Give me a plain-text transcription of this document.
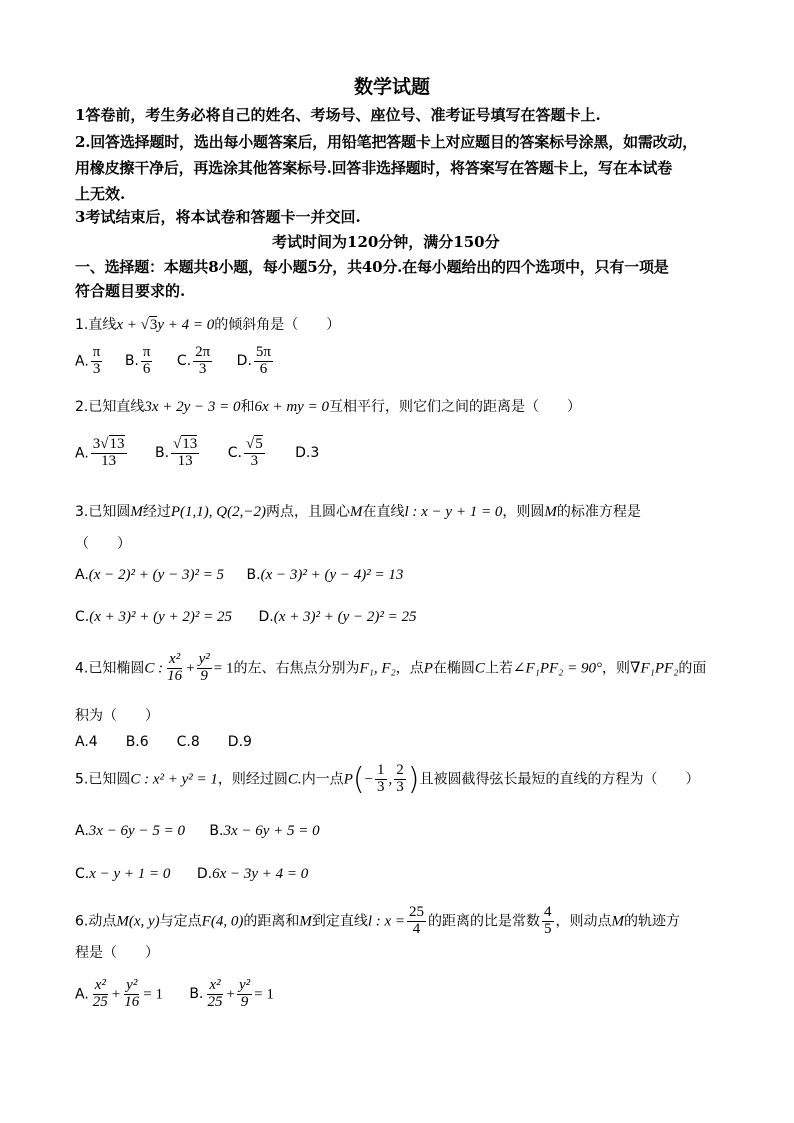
数学试题
1答卷前，考生务必将自己的姓名、考场号、座位号、准考证号填写在答题卡上.
2.回答选择题时，选出每小题答案后，用铅笔把答题卡上对应题目的答案标号涂黑，如需改动，
用橡皮擦干净后，再选涂其他答案标号.回答非选择题时，将答案写在答题卡上，写在本试卷
上无效.
3考试结束后，将本试卷和答题卡一并交回.
考试时间为120分钟，满分150分
一、选择题：本题共8小题，每小题5分，共40分.在每小题给出的四个选项中，只有一项是
符合题目要求的.
1.直线x + √3y + 4 = 0的倾斜角是（　　）
A. $\frac{\pi}{3} B$. $\frac{\pi}{6} C$. $\frac{2\pi}{3} D$. $\frac{5\pi}{6}$
2.已知直线3x + 2y − 3 = 0和6x + my = 0互相平行，则它们之间的距离是（　　）
A. $\frac{3√13}{13} B$. $\frac{√13}{13} C$. $\frac{√5}{3} D.3$
3.已知圆M经过P(1,1), Q(2,−2)两点，且圆心M在直线l : x − y + 1 = 0，则圆M的标准方程是
（　　）
A.(x − 2)² + (y − 3)² = 5 B.(x − 3)² + (y − 4)² = 13
C.(x + 3)² + (y + 2)² = 25 D.(x + 3)² + (y − 2)² = 25
4.已知椭圆C : $\frac{\text{x²}}{16} + \frac{\text{y²}}{9} = 1$的左、右焦点分别为F₁, F₂，点P在椭圆C上若∠F₁PF₂ = 90°，则∇F₁PF₂的面
积为（　　）
A.4　　B.6　　C.8　　D.9
5.已知圆C : x² + y² = 1，则经过圆C.内一点$P(- \frac{1}{3}$ , $\frac{2}{3}$ )且被圆截得弦长最短的直线的方程为（　　）
A.3x − 6y − 5 = 0 B.3x − 6y + 5 = 0
C.x − y + 1 = 0 D.6x − 3y + 4 = 0
6.动点M(x, y)与定点F(4, 0)的距离和M到定直线l : $x = \frac{25}{4}$ 的距离的比是常数 $\frac{4}{5}$ ，则动点M的轨迹方
程是（　　）
A. $\frac{\text{x²}}{25} + \frac{\text{y²}}{16} = 1$ B. $\frac{\text{x²}}{25} + \frac{\text{y²}}{9} = 1$
